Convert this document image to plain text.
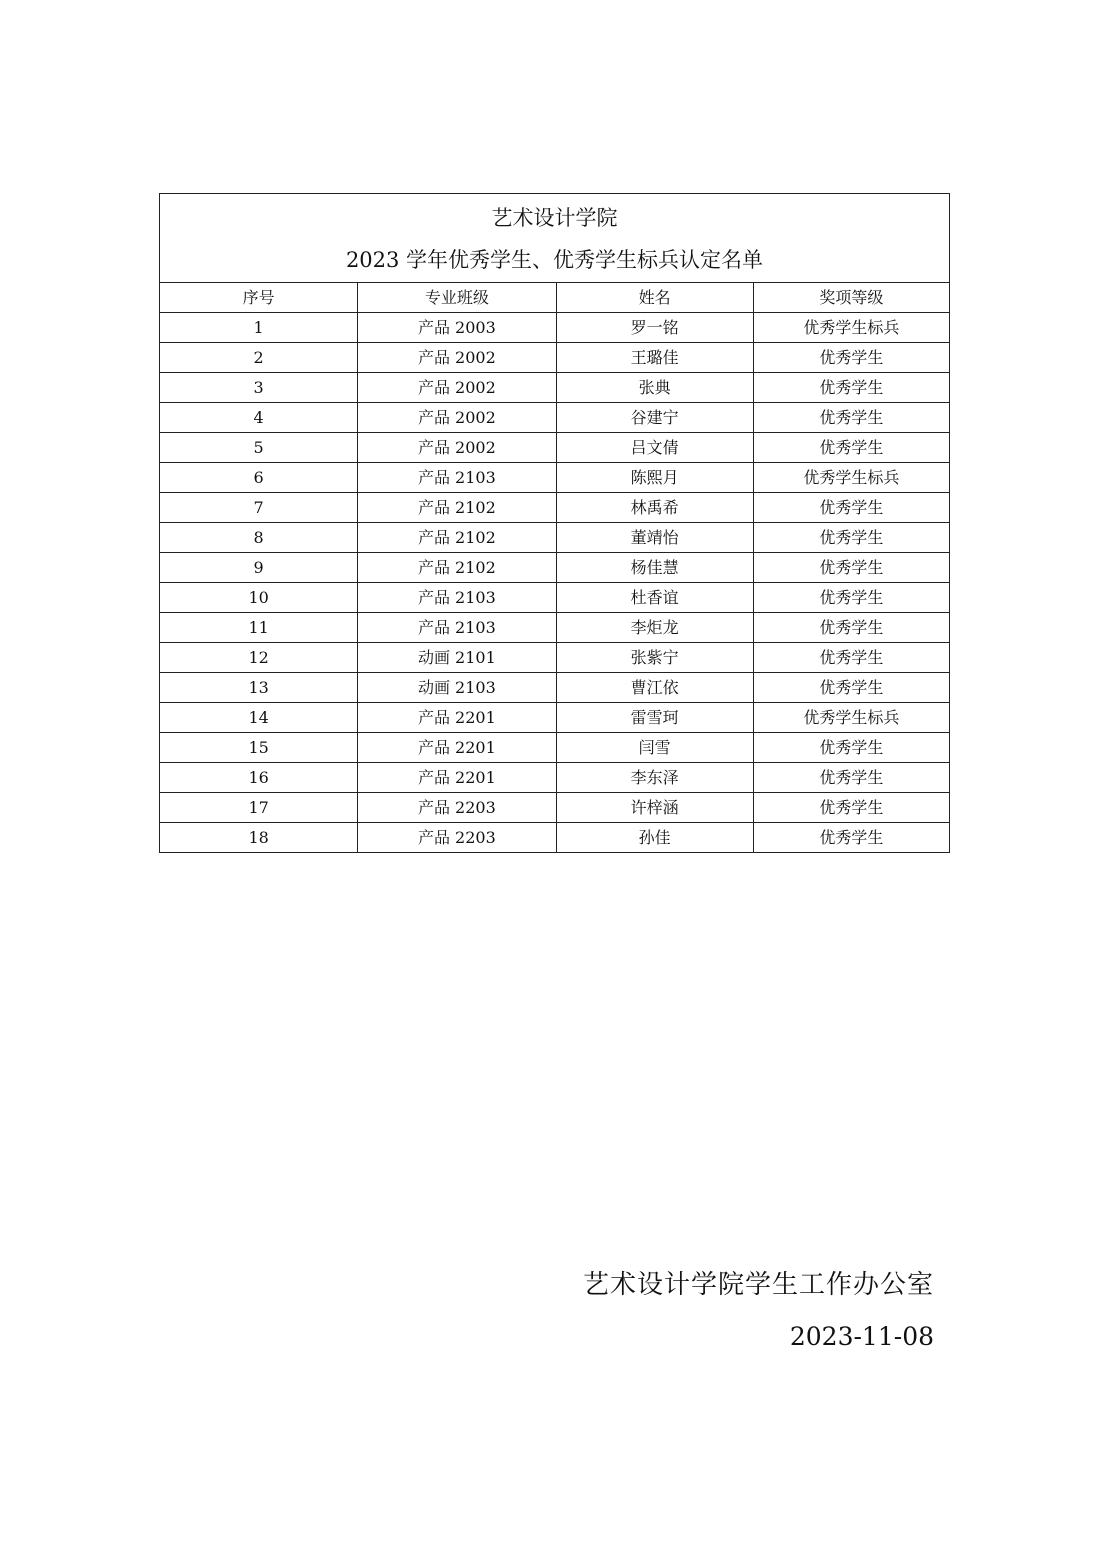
艺术设计学院
2023 学年优秀学生、优秀学生标兵认定名单			

序号	专业班级	姓名	奖项等级
1	产品 2003	罗一铭	优秀学生标兵
2	产品 2002	王璐佳	优秀学生
3	产品 2002	张典	优秀学生
4	产品 2002	谷建宁	优秀学生
5	产品 2002	吕文倩	优秀学生
6	产品 2103	陈熙月	优秀学生标兵
7	产品 2102	林禹希	优秀学生
8	产品 2102	董靖怡	优秀学生
9	产品 2102	杨佳慧	优秀学生
10	产品 2103	杜香谊	优秀学生
11	产品 2103	李炬龙	优秀学生
12	动画 2101	张紫宁	优秀学生
13	动画 2103	曹江依	优秀学生
14	产品 2201	雷雪珂	优秀学生标兵
15	产品 2201	闫雪	优秀学生
16	产品 2201	李东泽	优秀学生
17	产品 2203	许梓涵	优秀学生
18	产品 2203	孙佳	优秀学生
艺术设计学院学生工作办公室
2023-11-08
